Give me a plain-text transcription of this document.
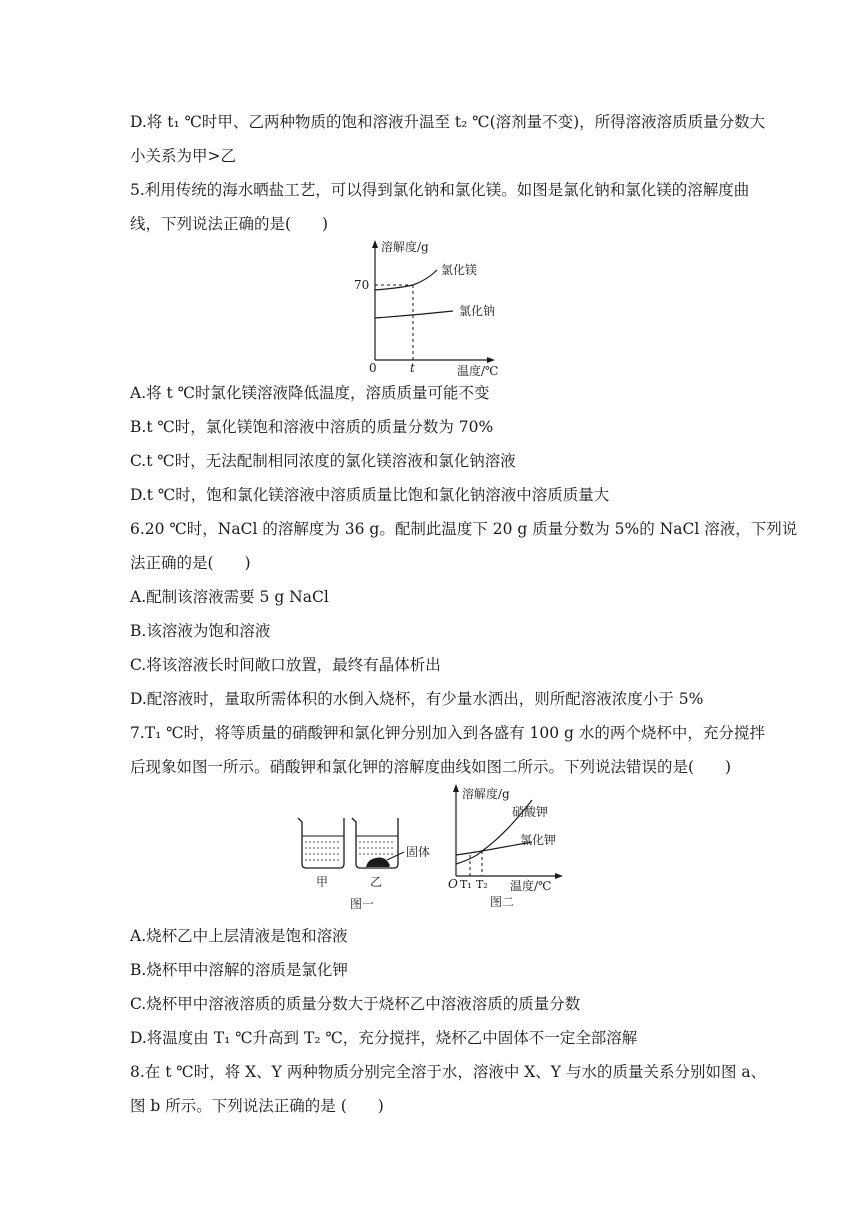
D.将 t₁ ℃时甲、乙两种物质的饱和溶液升温至 t₂ ℃(溶剂量不变)，所得溶液溶质质量分数大
小关系为甲>乙
5.利用传统的海水晒盐工艺，可以得到氯化钠和氯化镁。如图是氯化钠和氯化镁的溶解度曲
线，下列说法正确的是(　　)
溶解度/g
70
0	t	温度/℃
氯化镁
氯化钠
A.将 t ℃时氯化镁溶液降低温度，溶质质量可能不变
B.t ℃时，氯化镁饱和溶液中溶质的质量分数为 70%
C.t ℃时，无法配制相同浓度的氯化镁溶液和氯化钠溶液
D.t ℃时，饱和氯化镁溶液中溶质质量比饱和氯化钠溶液中溶质质量大
6.20 ℃时，NaCl 的溶解度为 36 g。配制此温度下 20 g 质量分数为 5%的 NaCl 溶液，下列说
法正确的是(　　)
A.配制该溶液需要 5 g NaCl
B.该溶液为饱和溶液
C.将该溶液长时间敞口放置，最终有晶体析出
D.配溶液时，量取所需体积的水倒入烧杯，有少量水洒出，则所配溶液浓度小于 5%
7.T₁ ℃时，将等质量的硝酸钾和氯化钾分别加入到各盛有 100 g 水的两个烧杯中，充分搅拌
后现象如图一所示。硝酸钾和氯化钾的溶解度曲线如图二所示。下列说法错误的是(　　)
固体
甲	乙
图一
溶解度/g
O T₁ T₂ 温度/℃
硝酸钾
氯化钾
图二
A.烧杯乙中上层清液是饱和溶液
B.烧杯甲中溶解的溶质是氯化钾
C.烧杯甲中溶液溶质的质量分数大于烧杯乙中溶液溶质的质量分数
D.将温度由 T₁ ℃升高到 T₂ ℃，充分搅拌，烧杯乙中固体不一定全部溶解
8.在 t ℃时，将 X、Y 两种物质分别完全溶于水，溶液中 X、Y 与水的质量关系分别如图 a、
图 b 所示。下列说法正确的是 (　　)
